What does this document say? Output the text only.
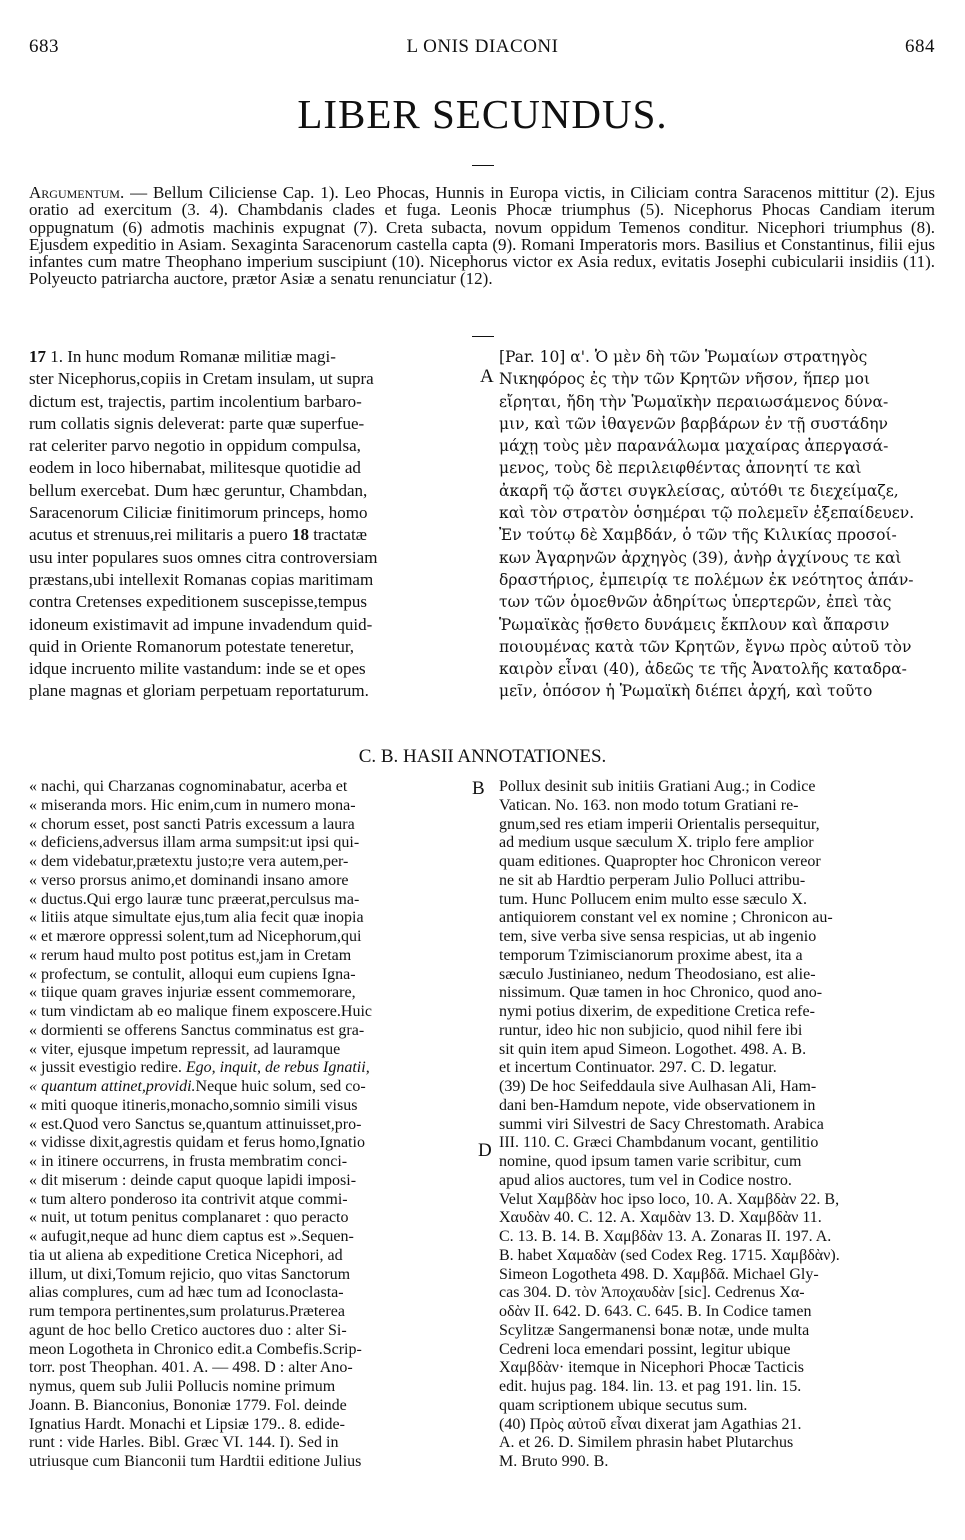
683	L ONIS DIACONI	684
LIBER SECUNDUS.
Argumentum. — Bellum Ciliciense Cap. 1). Leo Phocas, Hunnis in Europa victis, in Ciliciam contra Saracenos mittitur (2). Ejus oratio ad exercitum (3. 4). Chambdanis clades et fuga. Leonis Phocæ triumphus (5). Nicephorus Phocas Candiam iterum oppugnatum (6) admotis machinis expugnat (7). Creta subacta, novum oppidum Temenos conditur. Nicephori triumphus (8). Ejusdem expeditio in Asiam. Sexaginta Saracenorum castella capta (9). Romani Imperatoris mors. Basilius et Constantinus, filii ejus infantes cum matre Theophano imperium suscipiunt (10). Nicephorus victor ex Asia redux, evitatis Josephi cubicularii insidiis (11). Polyeucto patriarcha auctore, prætor Asiæ a senatu renunciatur (12).
17 1. In hunc modum Romanæ militiæ magi-
ster Nicephorus,copiis in Cretam insulam, ut supra
dictum est, trajectis, partim incolentium barbaro-
rum collatis signis deleverat: parte quæ superfue-
rat celeriter parvo negotio in oppidum compulsa,
eodem in loco hibernabat, militesque quotidie ad
bellum exercebat. Dum hæc geruntur, Chambdan,
Saracenorum Ciliciæ finitimorum princeps, homo
acutus et strenuus,rei militaris a puero 18 tractatæ
usu inter populares suos omnes citra controversiam
præstans,ubi intellexit Romanas copias maritimam
contra Cretenses expeditionem suscepisse,tempus
idoneum existimavit ad impune invadendum quid-
quid in Oriente Romanorum potestate teneretur,
idque incruento milite vastandum: inde se et opes
plane magnas et gloriam perpetuam reportaturum.
A
[Par. 10] α'. Ὁ μὲν δὴ τῶν Ῥωμαίων στρατηγὸς
Νικηφόρος ἐς τὴν τῶν Κρητῶν νῆσον, ἥπερ μοι
εἴρηται, ἤδη τὴν Ῥωμαϊκὴν περαιωσάμενος δύνα-
μιν, καὶ τῶν ἰθαγενῶν βαρβάρων ἐν τῇ συστάδην
μάχῃ τοὺς μὲν παρανάλωμα μαχαίρας ἀπεργασά-
μενος, τοὺς δὲ περιλειφθέντας ἀπονητί τε καὶ
ἀκαρῆ τῷ ἄστει συγκλείσας, αὐτόθι τε διεχείμαζε,
καὶ τὸν στρατὸν ὁσημέραι τῷ πολεμεῖν ἐξεπαίδευεν.
Ἐν τούτῳ δὲ Χαμβδάν, ὁ τῶν τῆς Κιλικίας προσοί-
κων Ἀγαρηνῶν ἀρχηγὸς (39), ἀνὴρ ἀγχίνους τε καὶ
δραστήριος, ἐμπειρίᾳ τε πολέμων ἐκ νεότητος ἁπάν-
των τῶν ὁμοεθνῶν ἀδηρίτως ὑπερτερῶν, ἐπεὶ τὰς
Ῥωμαϊκὰς ᾔσθετο δυνάμεις ἔκπλουν καὶ ἄπαρσιν
ποιουμένας κατὰ τῶν Κρητῶν, ἔγνω πρὸς αὐτοῦ τὸν
καιρὸν εἶναι (40), ἀδεῶς τε τῆς Ἀνατολῆς καταδρα-
μεῖν, ὁπόσον ἡ Ῥωμαϊκὴ διέπει ἀρχή, καὶ τοῦτο
C. B. HASII ANNOTATIONES.
B
D
« nachi, qui Charzanas cognominabatur, acerba et
« miseranda mors. Hic enim,cum in numero mona-
« chorum esset, post sancti Patris excessum a laura
« deficiens,adversus illam arma sumpsit:ut ipsi qui-
« dem videbatur,prætextu justo;re vera autem,per-
« verso prorsus animo,et dominandi insano amore
« ductus.Qui ergo lauræ tunc præerat,perculsus ma-
« litiis atque simultate ejus,tum alia fecit quæ inopia
« et mærore oppressi solent,tum ad Nicephorum,qui
« rerum haud multo post potitus est,jam in Cretam
« profectum, se contulit, alloqui eum cupiens Igna-
« tiique quam graves injuriæ essent commemorare,
« tum vindictam ab eo malique finem exposcere.Huic
« dormienti se offerens Sanctus comminatus est gra-
« viter, ejusque impetum repressit, ad lauramque
« jussit evestigio redire. Ego, inquit, de rebus Ignatii,
« quantum attinet,providi.Neque huic solum, sed co-
« miti quoque itineris,monacho,somnio simili visus
« est.Quod vero Sanctus se,quantum attinuisset,pro-
« vidisse dixit,agrestis quidam et ferus homo,Ignatio
« in itinere occurrens, in frusta membratim conci-
« dit miserum : deinde caput quoque lapidi imposi-
« tum altero ponderoso ita contrivit atque commi-
« nuit, ut totum penitus complanaret : quo peracto
« aufugit,neque ad hunc diem captus est ».Sequen-
tia ut aliena ab expeditione Cretica Nicephori, ad
illum, ut dixi,Tomum rejicio, quo vitas Sanctorum
alias complures, cum ad hæc tum ad Iconoclasta-
rum tempora pertinentes,sum prolaturus.Præterea
agunt de hoc bello Cretico auctores duo : alter Si-
meon Logotheta in Chronico edit.a Combefis.Scrip-
torr. post Theophan. 401. A. — 498. D : alter Ano-
nymus, quem sub Julii Pollucis nomine primum
Joann. B. Bianconius, Bononiæ 1779. Fol. deinde
Ignatius Hardt. Monachi et Lipsiæ 179.. 8. edide-
runt : vide Harles. Bibl. Græc VI. 144. I). Sed in
utriusque cum Bianconii tum Hardtii editione Julius
Pollux desinit sub initiis Gratiani Aug.; in Codice
Vatican. No. 163. non modo totum Gratiani re-
gnum,sed res etiam imperii Orientalis persequitur,
ad medium usque sæculum X. triplo fere amplior
quam editiones. Quapropter hoc Chronicon vereor
ne sit ab Hardtio perperam Julio Polluci attribu-
tum. Hunc Pollucem enim multo esse sæculo X.
antiquiorem constant vel ex nomine ; Chronicon au-
tem, sive verba sive sensa respicias, ut ab ingenio
temporum Tzimiscianorum proxime abest, ita a
sæculo Justinianeo, nedum Theodosiano, est alie-
nissimum. Quæ tamen in hoc Chronico, quod ano-
nymi potius dixerim, de expeditione Cretica refe-
runtur, ideo hic non subjicio, quod nihil fere ibi
sit quin item apud Simeon. Logothet. 498. A. B.
et incertum Continuator. 297. C. D. legatur.
(39) De hoc Seifeddaula sive Aulhasan Ali, Ham-
dani ben-Hamdum nepote, vide observationem in
summi viri Silvestri de Sacy Chrestomath. Arabica
III. 110. C. Græci Chambdanum vocant, gentilitio
nomine, quod ipsum tamen varie scribitur, cum
apud alios auctores, tum vel in Codice nostro.
Velut Χαμβδὰν hoc ipso loco, 10. A. Χαμβδὰν 22. B,
Χαυδὰν 40. C. 12. A. Χαμδὰν 13. D. Χαμβδὰν 11.
C. 13. B. 14. B. Χαμβδὰν 13. A. Zonaras II. 197. A.
B. habet Χαμαδὰν (sed Codex Reg. 1715. Χαμβδὰν).
Simeon Logotheta 498. D. Χαμβδᾶ. Michael Gly-
cas 304. D. τὸν Ἀποχαυδὰν [sic]. Cedrenus Χα-
οδὰν II. 642. D. 643. C. 645. B. In Codice tamen
Scylitzæ Sangermanensi bonæ notæ, unde multa
Cedreni loca emendari possint, legitur ubique
Χαμβδὰν· itemque in Nicephori Phocæ Tacticis
edit. hujus pag. 184. lin. 13. et pag 191. lin. 15.
quam scriptionem ubique secutus sum.
(40) Πρὸς αὐτοῦ εἶναι dixerat jam Agathias 21.
A. et 26. D. Similem phrasin habet Plutarchus
M. Bruto 990. B.
